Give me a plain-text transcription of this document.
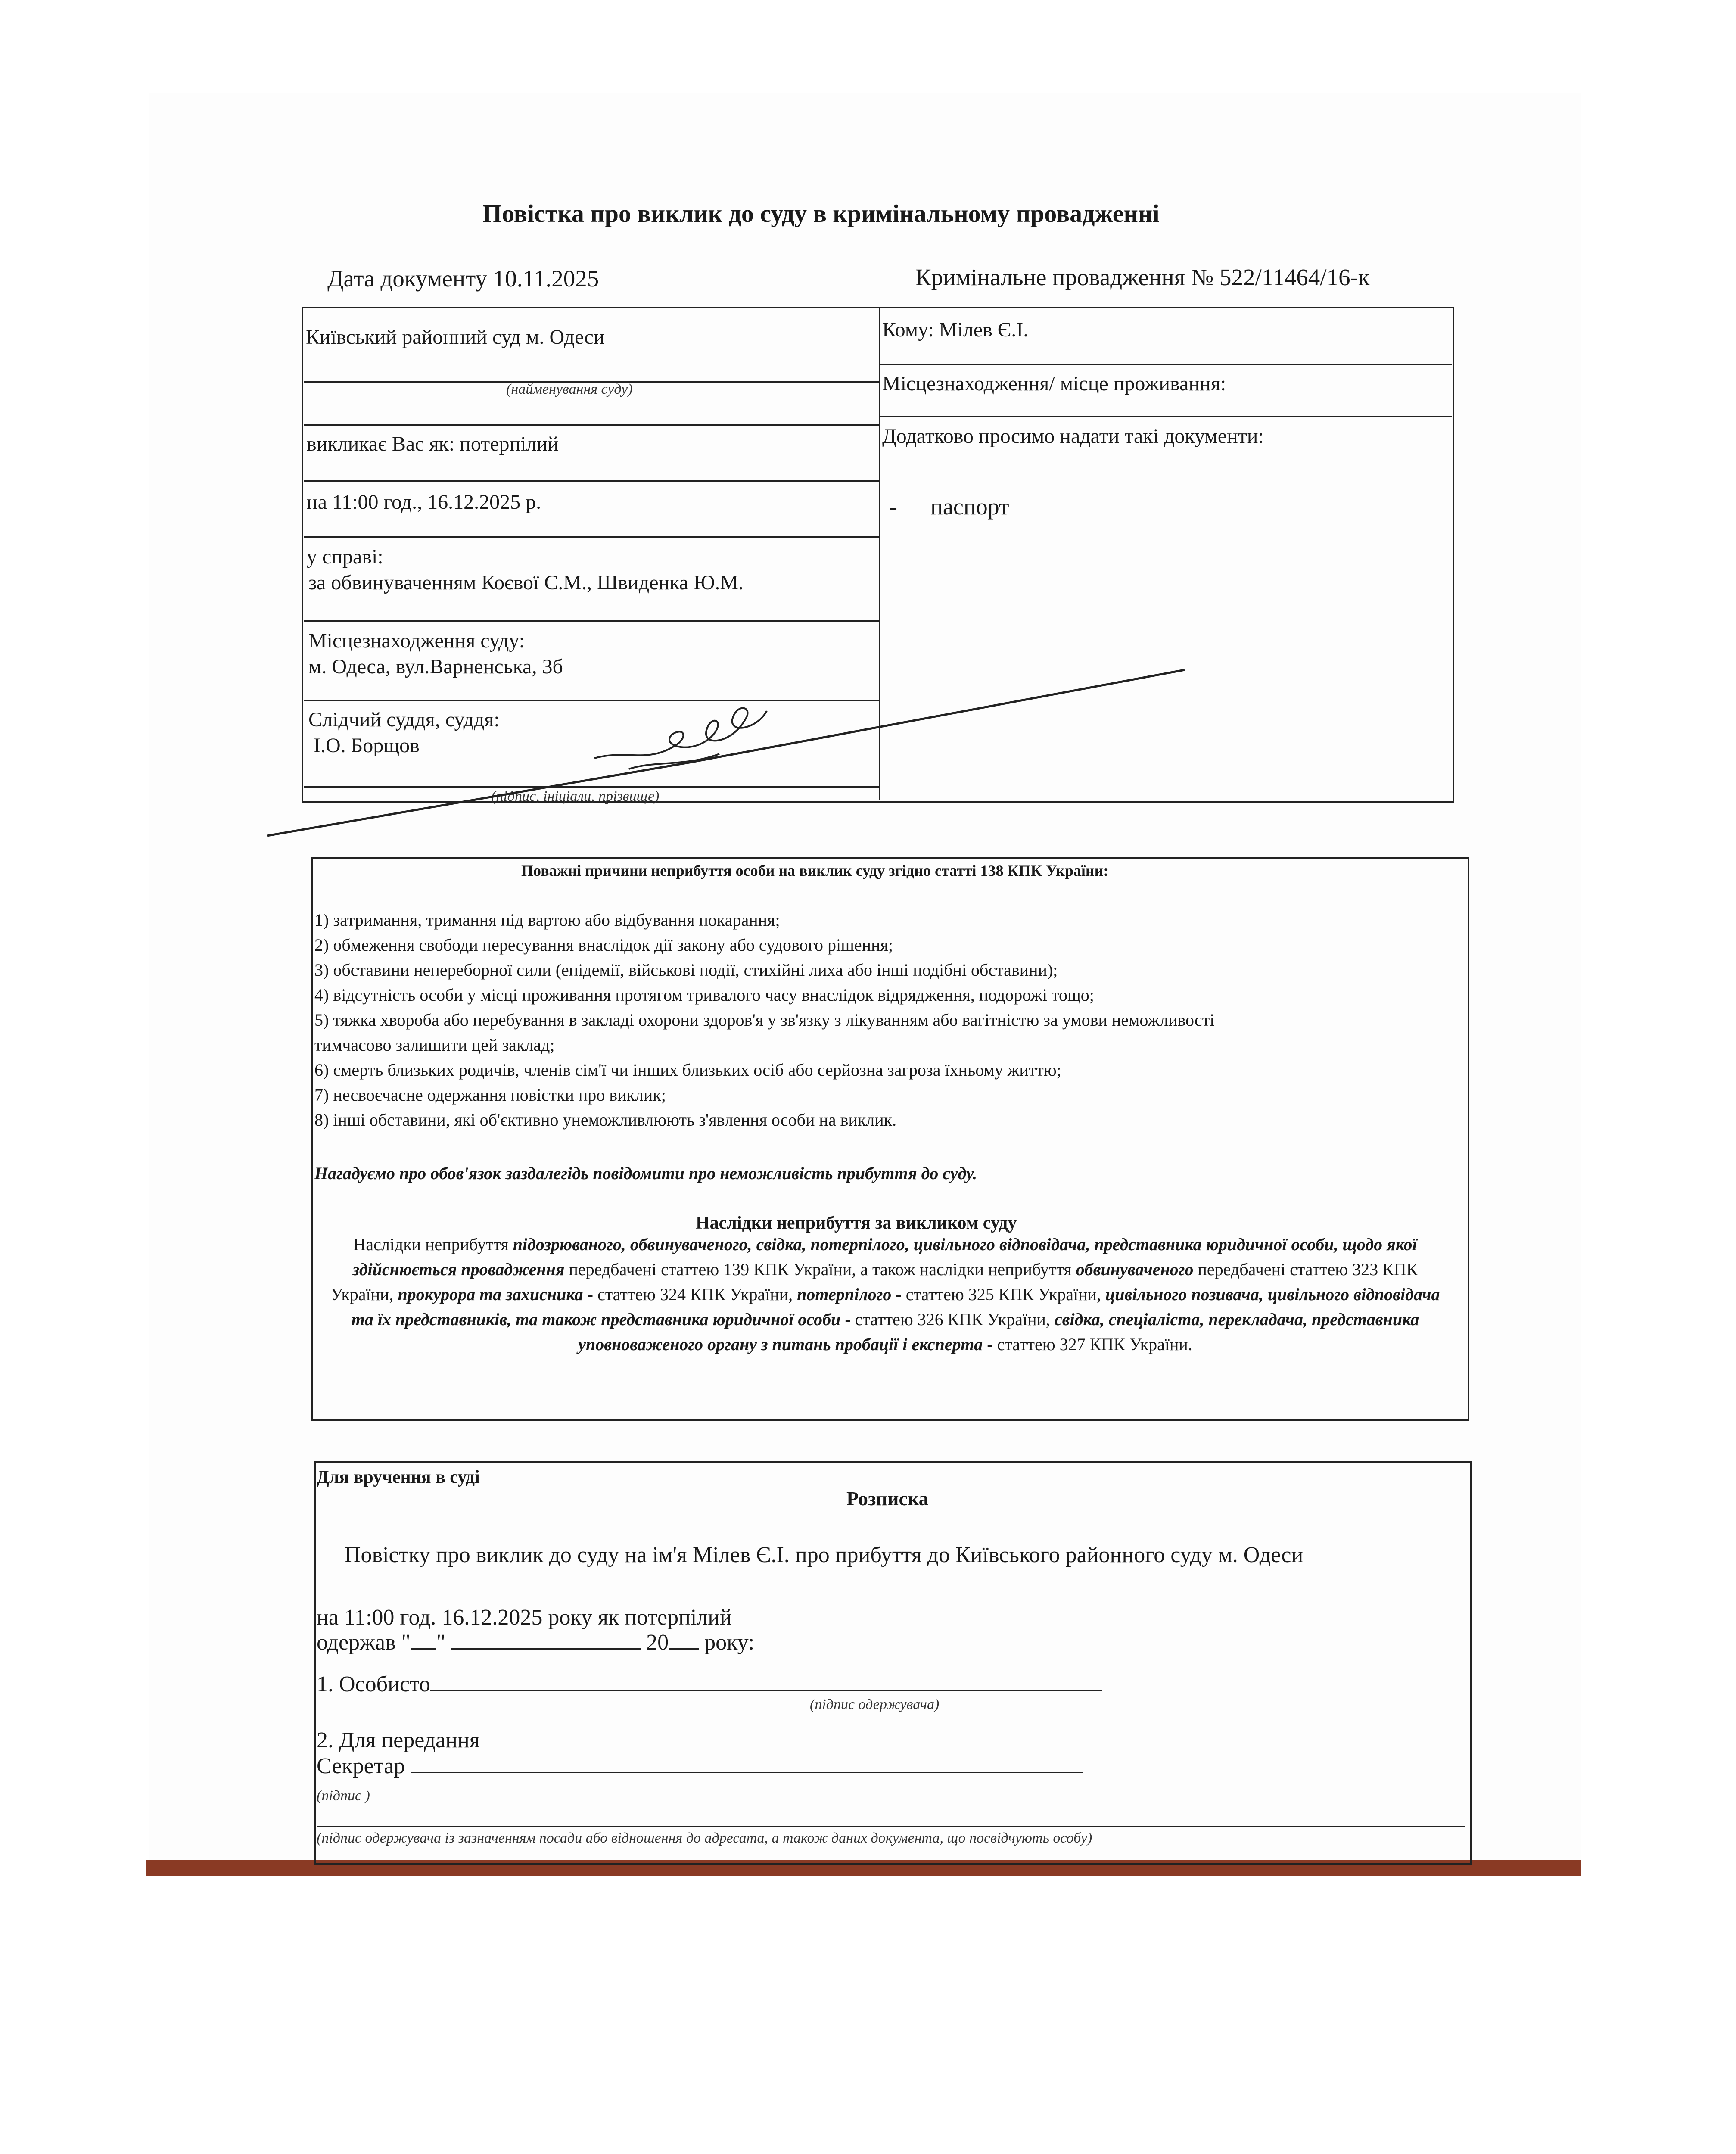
Повістка про виклик до суду в кримінальному провадженні
Дата документу 10.11.2025	Кримінальне провадження № 522/11464/16-к
Київський районний суд м. Одеси
(найменування суду)
викликає Вас як: потерпілий
на 11:00 год., 16.12.2025 р.
у справі:
за обвинуваченням Коєвої С.М., Швиденка Ю.М.
Місцезнаходження суду:
м. Одеса, вул.Варненська, 3б
Слідчий суддя, суддя:
І.О. Борщов
(підпис, ініціали, прізвище)
Кому: Мілев Є.І.
Місцезнаходження/ місце проживання:
Додатково просимо надати такі документи:
- паспорт
Поважні причини неприбуття особи на виклик суду згідно статті 138 КПК України:
1) затримання, тримання під вартою або відбування покарання;
2) обмеження свободи пересування внаслідок дії закону або судового рішення;
3) обставини непереборної сили (епідемії, військові події, стихійні лиха або інші подібні обставини);
4) відсутність особи у місці проживання протягом тривалого часу внаслідок відрядження, подорожі тощо;
5) тяжка хвороба або перебування в закладі охорони здоров'я у зв'язку з лікуванням або вагітністю за умови неможливості
тимчасово залишити цей заклад;
6) смерть близьких родичів, членів сім'ї чи інших близьких осіб або серйозна загроза їхньому життю;
7) несвоєчасне одержання повістки про виклик;
8) інші обставини, які об'єктивно унеможливлюють з'явлення особи на виклик.
Нагадуємо про обов'язок заздалегідь повідомити про неможливість прибуття до суду.
Наслідки неприбуття за викликом суду
Наслідки неприбуття підозрюваного, обвинуваченого, свідка, потерпілого, цивільного відповідача, представника юридичної особи, щодо якої здійснюється провадження передбачені статтею 139 КПК України, а також наслідки неприбуття обвинуваченого передбачені статтею 323 КПК України, прокурора та захисника - статтею 324 КПК України, потерпілого - статтею 325 КПК України, цивільного позивача, цивільного відповідача та їх представників, та також представника юридичної особи - статтею 326 КПК України, свідка, спеціаліста, перекладача, представника уповноваженого органу з питань пробації і експерта - статтею 327 КПК України.
Для вручення в суді
Розписка
Повістку про виклик до суду на ім'я Мілев Є.І. про прибуття до Київського районного суду м. Одеси
на 11:00 год. 16.12.2025 року як потерпілий
одержав " "	20 року:
1. Особисто
(підпис одержувача)
2. Для передання
Секретар
(підпис )
(підпис одержувача із зазначенням посади або відношення до адресата, а також даних документа, що посвідчують особу)
